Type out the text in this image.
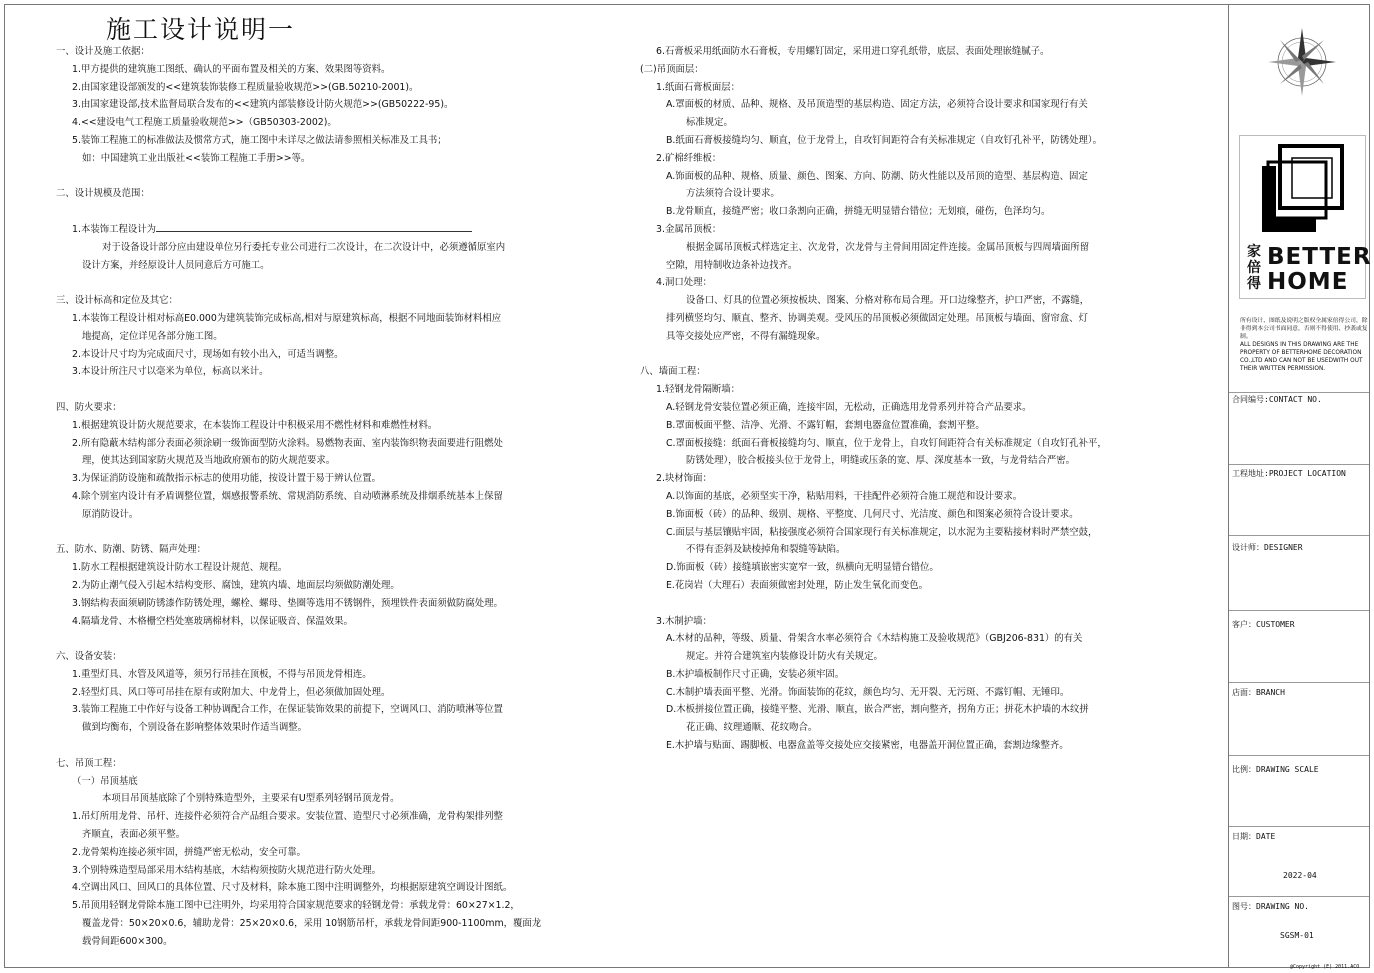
施工设计说明一
一、设计及施工依据：
1.甲方提供的建筑施工图纸、确认的平面布置及相关的方案、效果图等资料。
2.由国家建设部颁发的<<建筑装饰装修工程质量验收规范>>(GB.50210-2001)。
3.由国家建设部,技术监督局联合发布的<<建筑内部装修设计防火规范>>(GB50222-95)。
4.<<建设电气工程施工质量验收规范>>（GB50303-2002)。
5.装饰工程施工的标准做法及惯常方式，施工图中未详尽之做法请参照相关标准及工具书；
如：中国建筑工业出版社<<装饰工程施工手册>>等。
二、设计规模及范围：
1.本装饰工程设计为
对于设备设计部分应由建设单位另行委托专业公司进行二次设计，在二次设计中，必须遵循原室内
设计方案，并经原设计人员同意后方可施工。
三、设计标高和定位及其它：
1.本装饰工程设计相对标高E0.000为建筑装饰完成标高,相对与原建筑标高，根据不同地面装饰材料相应
地提高，定位详见各部分施工图。
2.本设计尺寸均为完成面尺寸，现场如有较小出入，可适当调整。
3.本设计所注尺寸以毫米为单位，标高以米计。
四、防火要求：
1.根据建筑设计防火规范要求，在本装饰工程设计中积极采用不燃性材料和难燃性材料。
2.所有隐蔽木结构部分表面必须涂刷一级饰面型防火涂料。易燃物表面、室内装饰织物表面要进行阻燃处
理，使其达到国家防火规范及当地政府颁布的防火规范要求。
3.为保证消防设施和疏散指示标志的使用功能，按设计置于易于辨认位置。
4.除个别室内设计有矛盾调整位置，烟感报警系统、常规消防系统、自动喷淋系统及排烟系统基本上保留
原消防设计。
五、防水、防潮、防锈、隔声处理：
1.防水工程根据建筑设计防水工程设计规范、规程。
2.为防止潮气侵入引起木结构变形、腐蚀，建筑内墙、地面层均须做防潮处理。
3.钢结构表面须刷防锈漆作防锈处理，螺栓、螺母、垫圈等选用不锈钢件，预埋铁件表面须做防腐处理。
4.隔墙龙骨、木格栅空档处塞玻璃棉材料，以保证吸音、保温效果。
六、设备安装：
1.重型灯具、水管及风道等，须另行吊挂在顶板，不得与吊顶龙骨相连。
2.轻型灯具、风口等可吊挂在原有或附加大、中龙骨上，但必须做加固处理。
3.装饰工程施工中作好与设备工种协调配合工作，在保证装饰效果的前提下，空调风口、消防喷淋等位置
做到均衡布，个别设备在影响整体效果时作适当调整。
七、吊顶工程：
（一）吊顶基底
本项目吊顶基底除了个别特殊造型外，主要采有U型系列轻钢吊顶龙骨。
1.吊灯所用龙骨、吊杆、连接件必须符合产品组合要求。安装位置、造型尺寸必须准确，龙骨构架排列整
齐顺直，表面必须平整。
2.龙骨架构连接必须牢固，拼缝严密无松动，安全可靠。
3.个别特殊造型局部采用木结构基底，木结构须按防火规范进行防火处理。
4.空调出风口、回风口的具体位置、尺寸及材料，除本施工图中注明调整外，均根据原建筑空调设计图纸。
5.吊顶用轻钢龙骨除本施工图中已注明外，均采用符合国家规范要求的轻钢龙骨：承载龙骨：60×27×1.2，
覆盖龙骨：50×20×0.6，辅助龙骨：25×20×0.6，采用 10钢筋吊杆，承载龙骨间距900-1100mm，覆面龙
载骨间距600×300。
6.石膏板采用纸面防水石膏板，专用螺钉固定，采用进口穿孔纸带，底层、表面处理嵌缝腻子。
(二)吊顶面层：
1.纸面石膏板面层：
A.罩面板的材质、品种、规格、及吊顶造型的基层构造、固定方法，必须符合设计要求和国家现行有关
标准规定。
B.纸面石膏板接缝均匀、顺直，位于龙骨上，自攻钉间距符合有关标准规定（自攻钉孔补平，防锈处理）。
2.矿棉纤维板：
A.饰面板的品种、规格、质量、颜色、图案、方向、防潮、防火性能以及吊顶的造型、基层构造、固定
方法须符合设计要求。
B.龙骨顺直，接缝严密；收口条割向正确，拼缝无明显错台错位；无划痕，碰伤，色泽均匀。
3.金属吊顶板：
根据金属吊顶板式样选定主、次龙骨，次龙骨与主骨间用固定件连接。金属吊顶板与四周墙面所留
空隙，用特制收边条补边找齐。
4.洞口处理：
设备口、灯具的位置必须按板块、图案、分格对称布局合理。开口边缘整齐，护口严密，不露缝，
排列横竖均匀、顺直、整齐、协调美观。受风压的吊顶板必须做固定处理。吊顶板与墙面、窗帘盒、灯
具等交接处应严密，不得有漏缝现象。
八、墙面工程：
1.轻钢龙骨隔断墙：
A.轻钢龙骨安装位置必须正确，连接牢固，无松动，正确选用龙骨系列并符合产品要求。
B.罩面板面平整、洁净、光滑、不露钉帽，套割电器盒位置准确，套割平整。
C.罩面板接缝：纸面石膏板接缝均匀、顺直，位于龙骨上，自攻钉间距符合有关标准规定（自攻钉孔补平，
防锈处理），胶合板接头位于龙骨上，明缝或压条的宽、厚、深度基本一致，与龙骨结合严密。
2.块材饰面：
A.以饰面的基底，必须坚实干净，粘贴用料，干挂配件必须符合施工规范和设计要求。
B.饰面板（砖）的品种、级别、规格、平整度、几何尺寸、光洁度、颜色和图案必须符合设计要求。
C.面层与基层镶贴牢固，粘接强度必须符合国家现行有关标准规定，以水泥为主要粘接材料时严禁空鼓，
不得有歪斜及缺棱掉角和裂缝等缺陷。
D.饰面板（砖）接缝填嵌密实宽窄一致，纵横向无明显错台错位。
E.花岗岩（大理石）表面须做密封处理，防止发生氧化而变色。
3.木制护墙：
A.木材的品种，等级、质量、骨架含水率必须符合《木结构施工及验收规范》（GBJ206-831）的有关
规定。并符合建筑室内装修设计防火有关规定。
B.木护墙板制作尺寸正确，安装必须牢固。
C.木制护墙表面平整、光滑。饰面装饰的花纹，颜色均匀、无开裂、无污斑、不露钉帽、无锤印。
D.木板拼接位置正确，接缝平整、光滑、顺直，嵌合严密，割向整齐，拐角方正；拼花木护墙的木纹拼
花正确、纹理通顺、花纹吻合。
E.木护墙与贴面、踢脚板、电器盒盖等交接处应交接紧密，电器盖开洞位置正确，套割边缘整齐。
家倍得
BETTER
HOME
所有设计、图纸及说明之版权全属家倍得公司，除非得到本公司书面同意，否则不得使用、抄袭或复制。
ALL DESIGNS IN THIS DRAWING ARE THE PROPERTY OF BETTERHOME DECORATION CO.,LTD AND CAN NOT BE USEDWITH OUT THEIR WRITTEN PERMISSION.
合同编号:CONTACT NO.
工程地址:PROJECT LOCATION
设计师：DESIGNER
客户：CUSTOMER
店面：BRANCH
比例：DRAWING SCALE
日期：DATE
2022-04
图号：DRAWING NO.
SGSM-01
@Copyright (E) 2011.ACO
